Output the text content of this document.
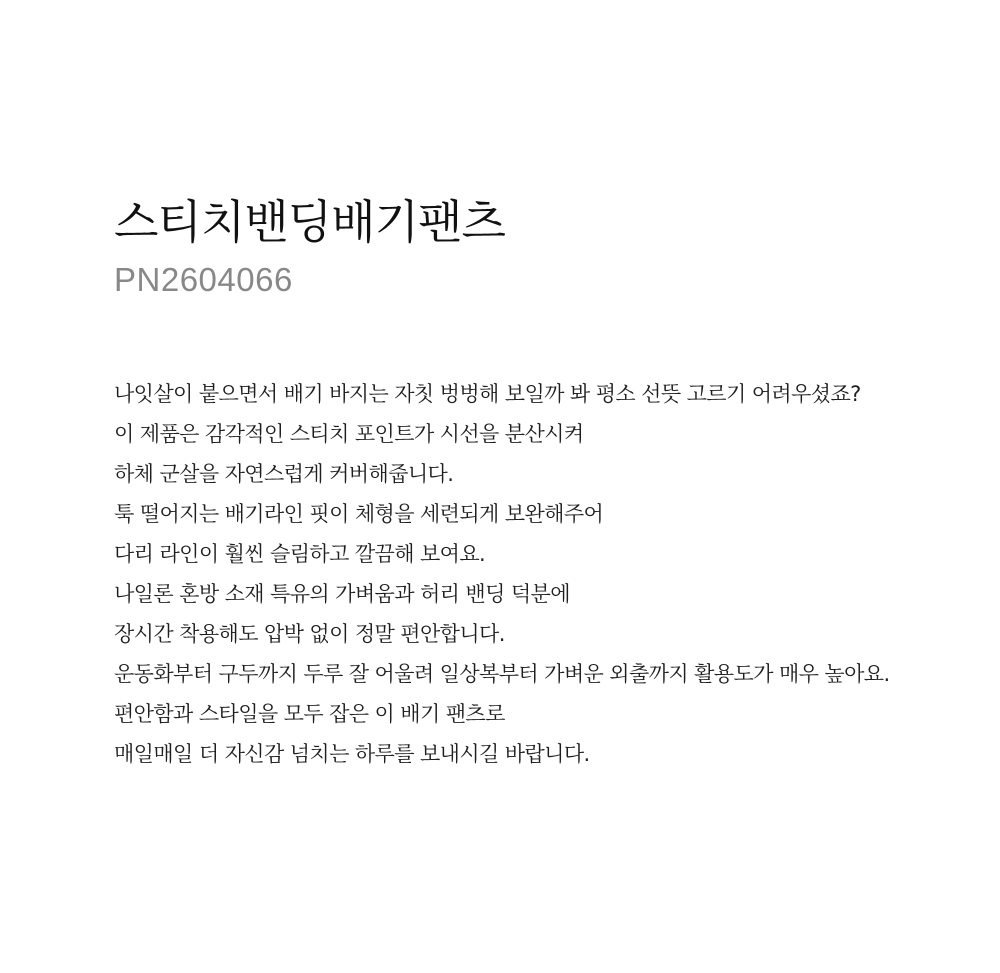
스티치밴딩배기팬츠
PN2604066
나잇살이 붙으면서 배기 바지는 자칫 벙벙해 보일까 봐 평소 선뜻 고르기 어려우셨죠?
이 제품은 감각적인 스티치 포인트가 시선을 분산시켜
하체 군살을 자연스럽게 커버해줍니다.
툭 떨어지는 배기라인 핏이 체형을 세련되게 보완해주어
다리 라인이 훨씬 슬림하고 깔끔해 보여요.
나일론 혼방 소재 특유의 가벼움과 허리 밴딩 덕분에
장시간 착용해도 압박 없이 정말 편안합니다.
운동화부터 구두까지 두루 잘 어울려 일상복부터 가벼운 외출까지 활용도가 매우 높아요.
편안함과 스타일을 모두 잡은 이 배기 팬츠로
매일매일 더 자신감 넘치는 하루를 보내시길 바랍니다.
